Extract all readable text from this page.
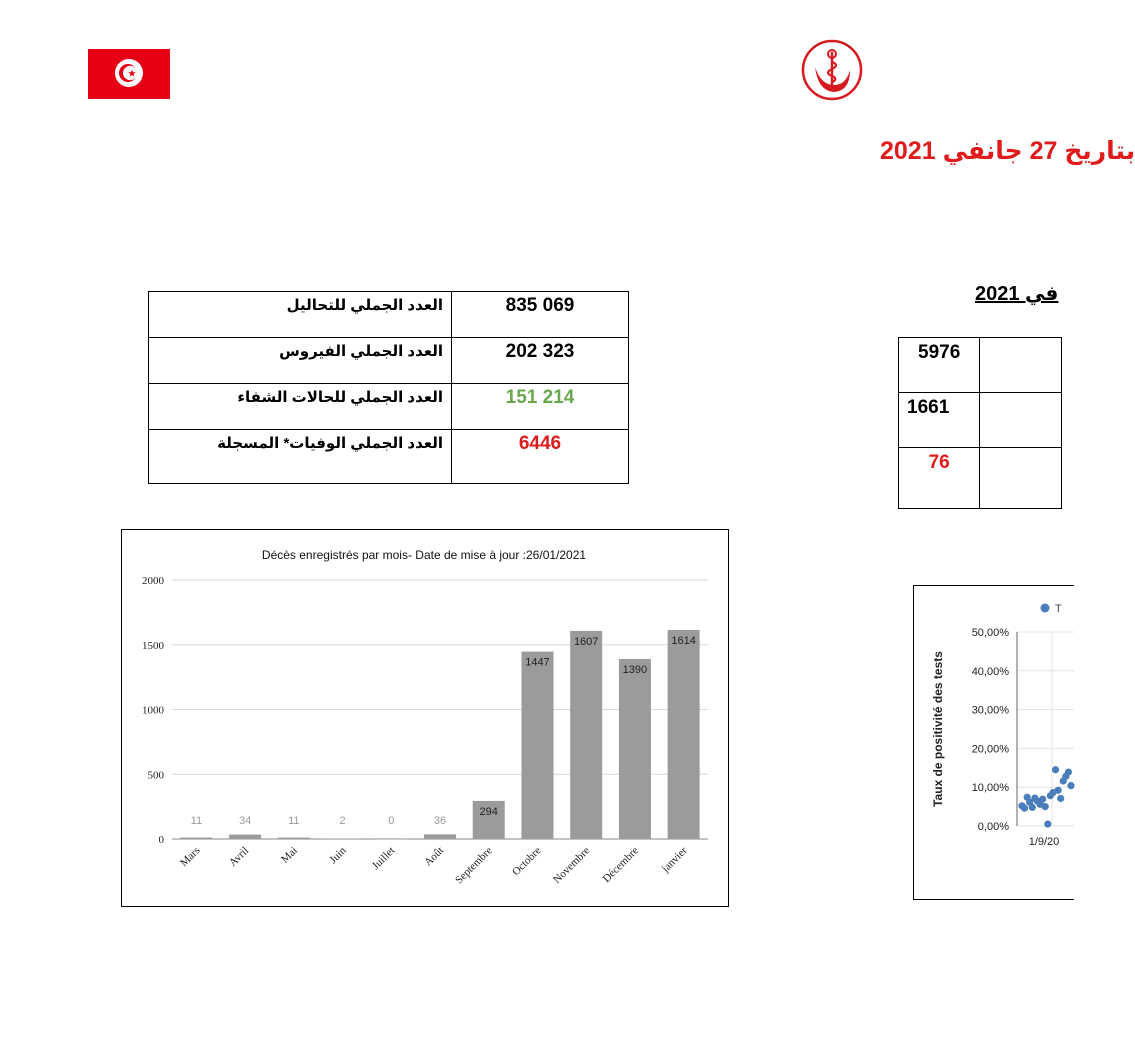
بتاريخ 27 جانفي 2021
في 2021
العدد الجملي للتحاليل	835 069
العدد الجملي الفيروس	202 323
العدد الجملي للحالات الشفاء	151 214
العدد الجملي الوفيات* المسجلة	6446
5976	
1661	
76	
Décès enregistrés par mois- Date de mise à jour :26/01/2021
0
500
1000
1500
2000
11
Mars
34
Avril
11
Mai
2
Juin
0
Juillet
36
Août
294
Septembre
1447
Octobre
1607
Novembre
1390
Décembre
1614
janvier
Taux de positivité des tests
0,00%
10,00%
20,00%
30,00%
40,00%
50,00%
1/9/20
T
